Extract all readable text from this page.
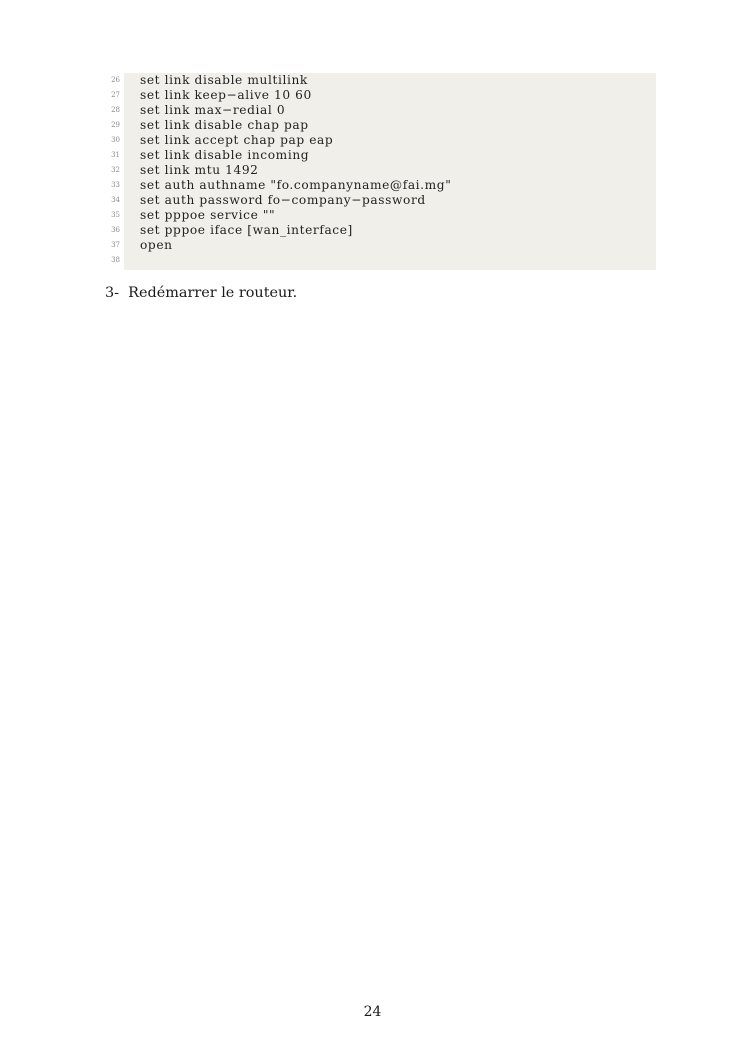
26 set link disable multilink
27 set link keep−alive 10 60
28 set link max−redial 0
29 set link disable chap pap
30 set link accept chap pap eap
31 set link disable incoming
32 set link mtu 1492
33 set auth authname "fo.companyname@fai.mg"
34 set auth password fo−company−password
35 set pppoe service ""
36 set pppoe iface [wan_interface]
37 open
38
3-  Redémarrer le routeur.
24
